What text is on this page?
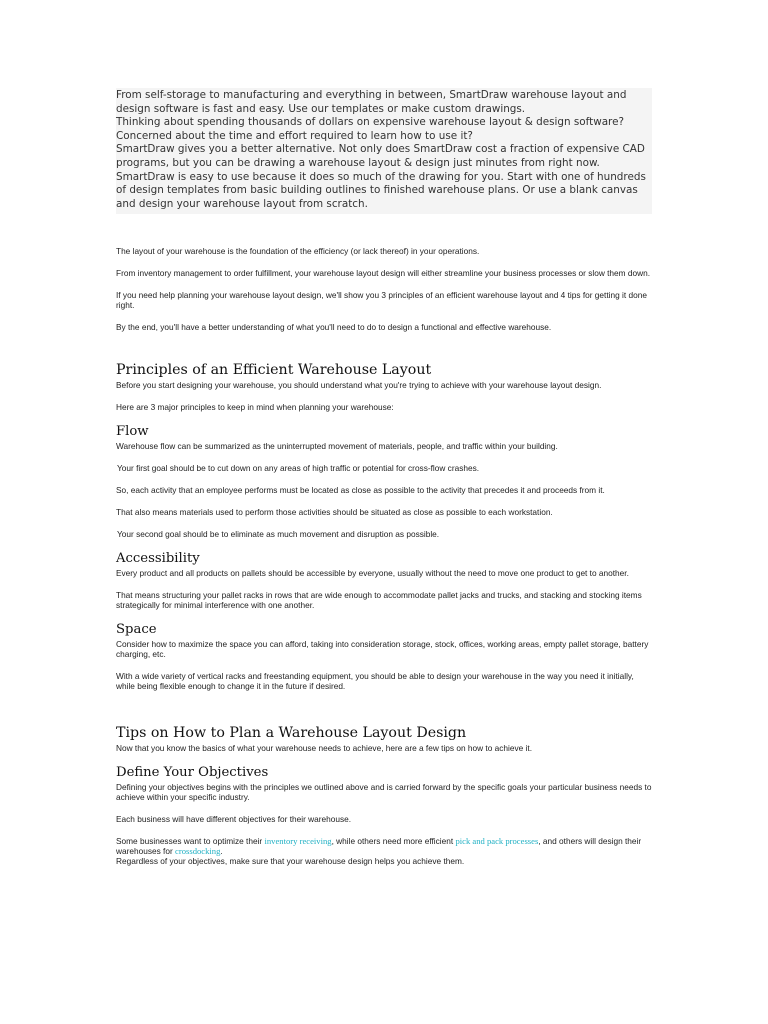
From self-storage to manufacturing and everything in between, SmartDraw warehouse layout and design software is fast and easy. Use our templates or make custom drawings.

Thinking about spending thousands of dollars on expensive warehouse layout & design software? Concerned about the time and effort required to learn how to use it?

SmartDraw gives you a better alternative. Not only does SmartDraw cost a fraction of expensive CAD programs, but you can be drawing a warehouse layout & design just minutes from right now.

SmartDraw is easy to use because it does so much of the drawing for you. Start with one of hundreds of design templates from basic building outlines to finished warehouse plans. Or use a blank canvas and design your warehouse layout from scratch.

The layout of your warehouse is the foundation of the efficiency (or lack thereof) in your operations.

From inventory management to order fulfillment, your warehouse layout design will either streamline your business processes or slow them down.

If you need help planning your warehouse layout design, we'll show you 3 principles of an efficient warehouse layout and 4 tips for getting it done right.

By the end, you'll have a better understanding of what you'll need to do to design a functional and effective warehouse.

Principles of an Efficient Warehouse Layout

Before you start designing your warehouse, you should understand what you're trying to achieve with your warehouse layout design.

Here are 3 major principles to keep in mind when planning your warehouse:

Flow

Warehouse flow can be summarized as the uninterrupted movement of materials, people, and traffic within your building.

Your first goal should be to cut down on any areas of high traffic or potential for cross-flow crashes.

So, each activity that an employee performs must be located as close as possible to the activity that precedes it and proceeds from it.

That also means materials used to perform those activities should be situated as close as possible to each workstation.

Your second goal should be to eliminate as much movement and disruption as possible.

Accessibility

Every product and all products on pallets should be accessible by everyone, usually without the need to move one product to get to another.

That means structuring your pallet racks in rows that are wide enough to accommodate pallet jacks and trucks, and stacking and stocking items strategically for minimal interference with one another.

Space

Consider how to maximize the space you can afford, taking into consideration storage, stock, offices, working areas, empty pallet storage, battery charging, etc.

With a wide variety of vertical racks and freestanding equipment, you should be able to design your warehouse in the way you need it initially, while being flexible enough to change it in the future if desired.

Tips on How to Plan a Warehouse Layout Design

Now that you know the basics of what your warehouse needs to achieve, here are a few tips on how to achieve it.

Define Your Objectives

Defining your objectives begins with the principles we outlined above and is carried forward by the specific goals your particular business needs to achieve within your specific industry.

Each business will have different objectives for their warehouse.

Some businesses want to optimize their inventory receiving, while others need more efficient pick and pack processes, and others will design their warehouses for crossdocking.

Regardless of your objectives, make sure that your warehouse design helps you achieve them.
